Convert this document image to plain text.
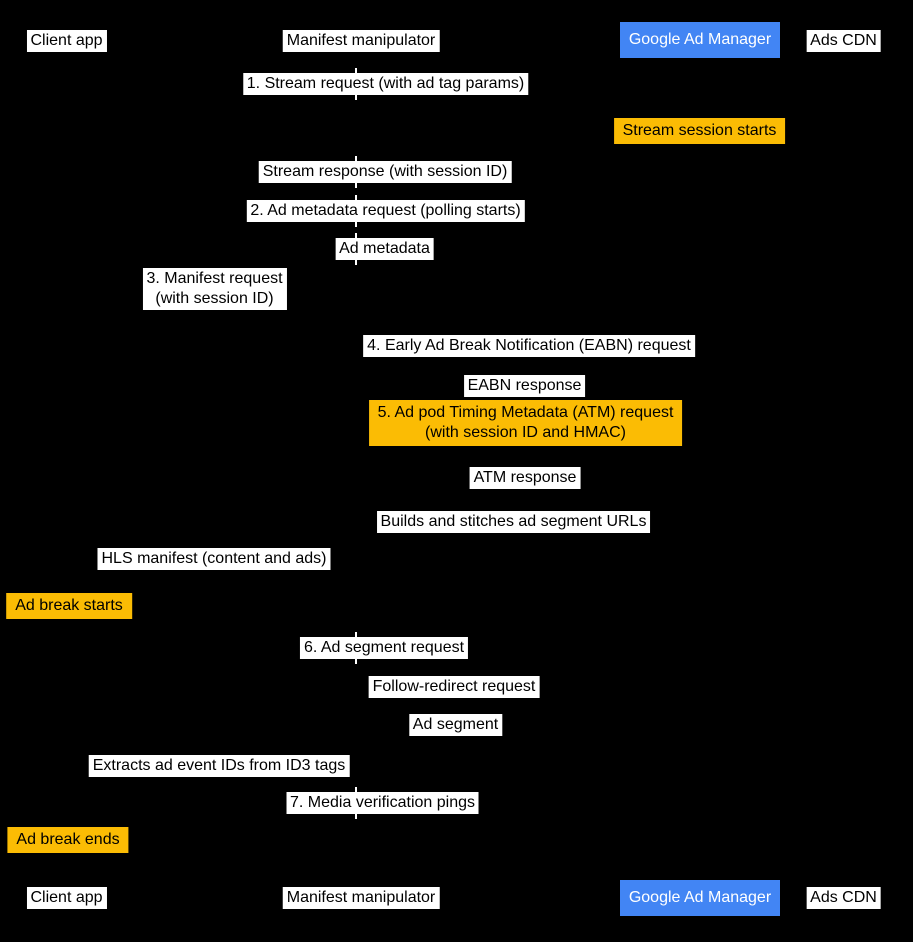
Client app
Client app
Manifest manipulator
Manifest manipulator
Google Ad Manager
Google Ad Manager
Ads CDN
Ads CDN
1. Stream request (with ad tag params)
Stream session starts
Stream response (with session ID)
2. Ad metadata request (polling starts)
Ad metadata
3. Manifest request
(with session ID)
4. Early Ad Break Notification (EABN) request
EABN response
5. Ad pod Timing Metadata (ATM) request
(with session ID and HMAC)
ATM response
Builds and stitches ad segment URLs
HLS manifest (content and ads)
Ad break starts
6. Ad segment request
Follow-redirect request
Ad segment
Extracts ad event IDs from ID3 tags
7. Media verification pings
Ad break ends
